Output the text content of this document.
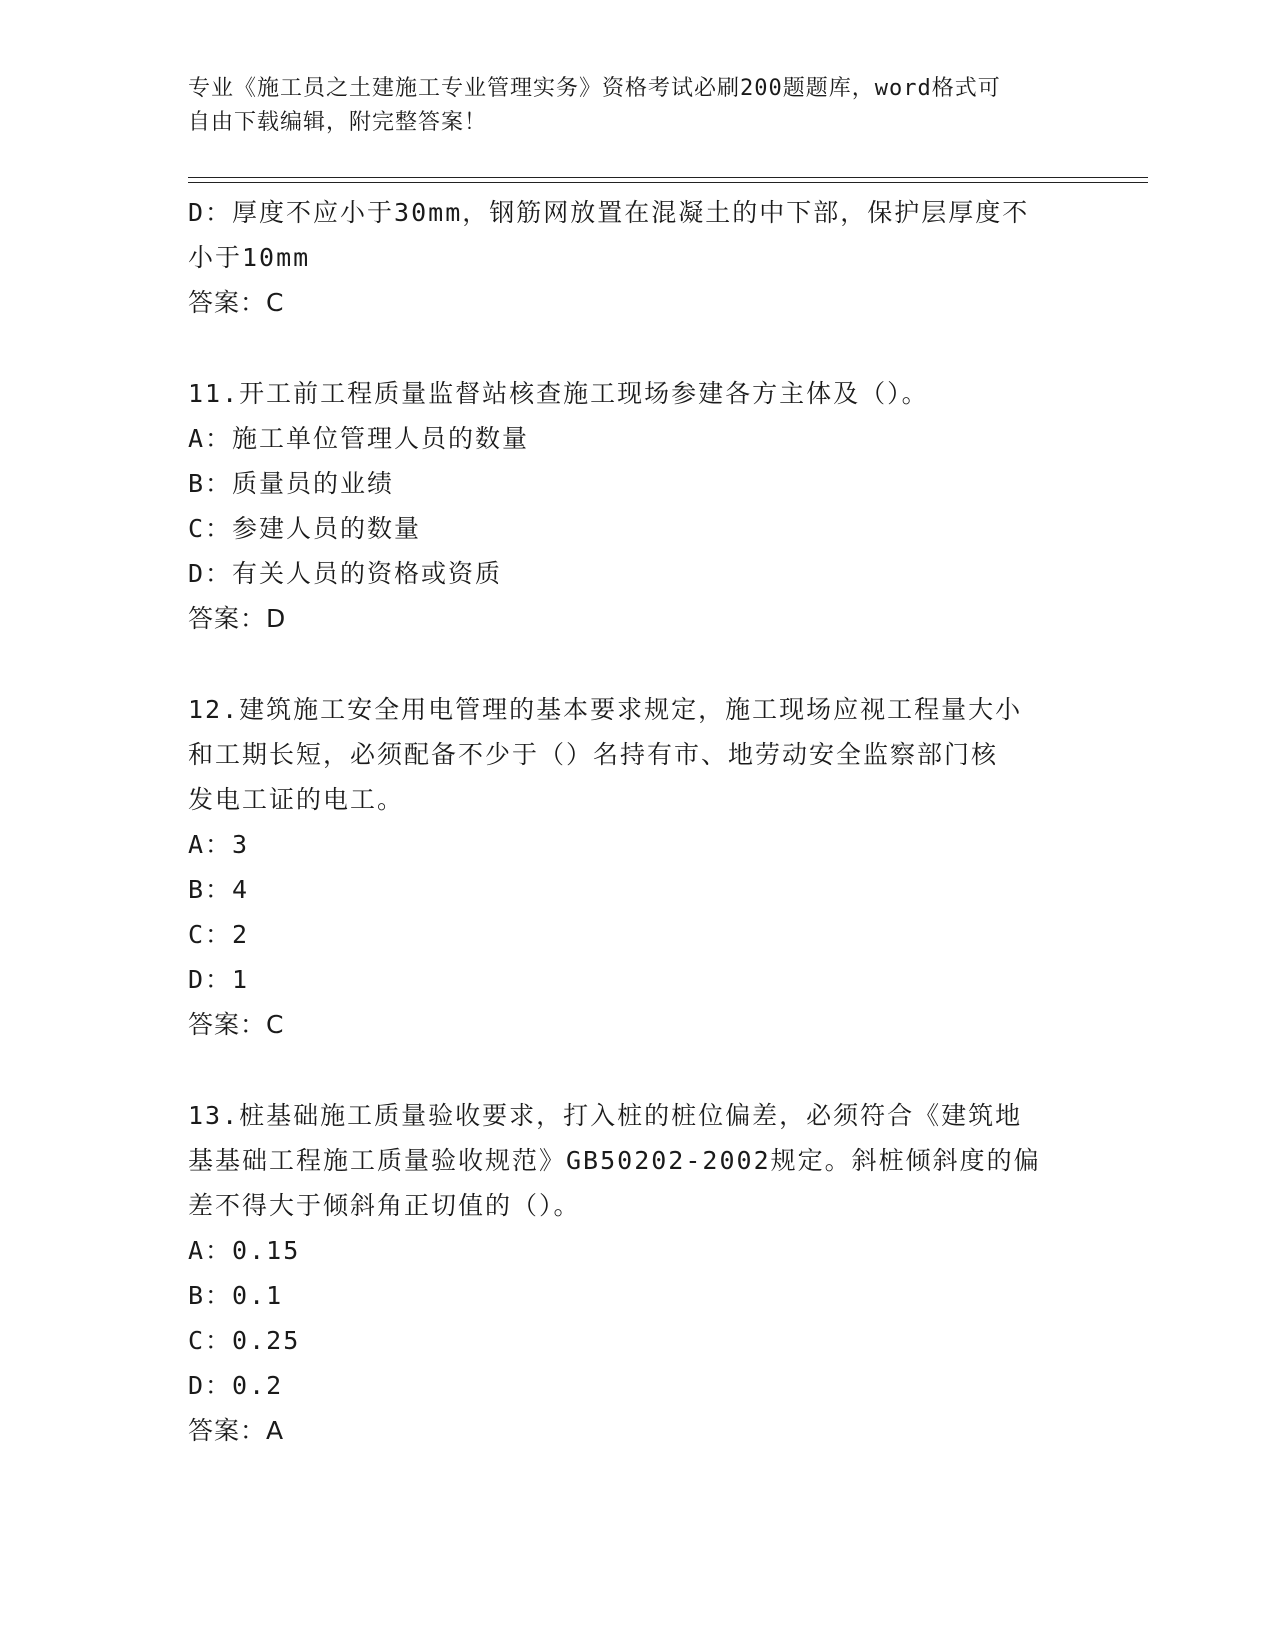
专业《施工员之土建施工专业管理实务》资格考试必刷200题题库，word格式可
自由下载编辑，附完整答案！

D：厚度不应小于30mm，钢筋网放置在混凝土的中下部，保护层厚度不

小于10mm

答案：C

11.开工前工程质量监督站核查施工现场参建各方主体及（）。

A：施工单位管理人员的数量

B：质量员的业绩

C：参建人员的数量

D：有关人员的资格或资质

答案：D

12.建筑施工安全用电管理的基本要求规定，施工现场应视工程量大小

和工期长短，必须配备不少于（）名持有市、地劳动安全监察部门核

发电工证的电工。

A：3

B：4

C：2

D：1

答案：C

13.桩基础施工质量验收要求，打入桩的桩位偏差，必须符合《建筑地

基基础工程施工质量验收规范》GB50202-2002规定。斜桩倾斜度的偏

差不得大于倾斜角正切值的（）。

A：0.15

B：0.1

C：0.25

D：0.2

答案：A
